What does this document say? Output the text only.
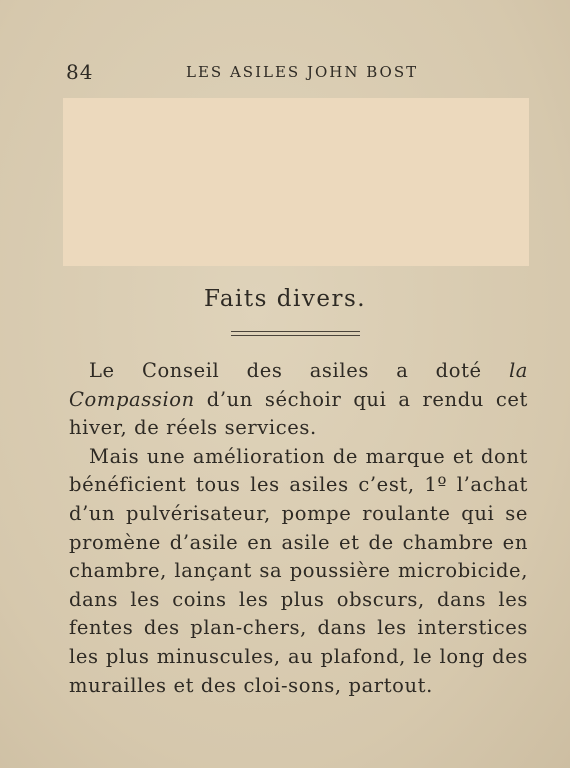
84	LES ASILES JOHN BOST
Faits divers.

Le Conseil des asiles a doté la Compassion d’un séchoir qui a rendu cet hiver, de réels services.

Mais une amélioration de marque et dont bénéficient tous les asiles c’est, 1º l’achat d’un pulvérisateur, pompe roulante qui se promène d’asile en asile et de chambre en chambre, lançant sa poussière microbicide, dans les coins les plus obscurs, dans les fentes des plan-chers, dans les interstices les plus minuscules, au plafond, le long des murailles et des cloi-sons, partout.
